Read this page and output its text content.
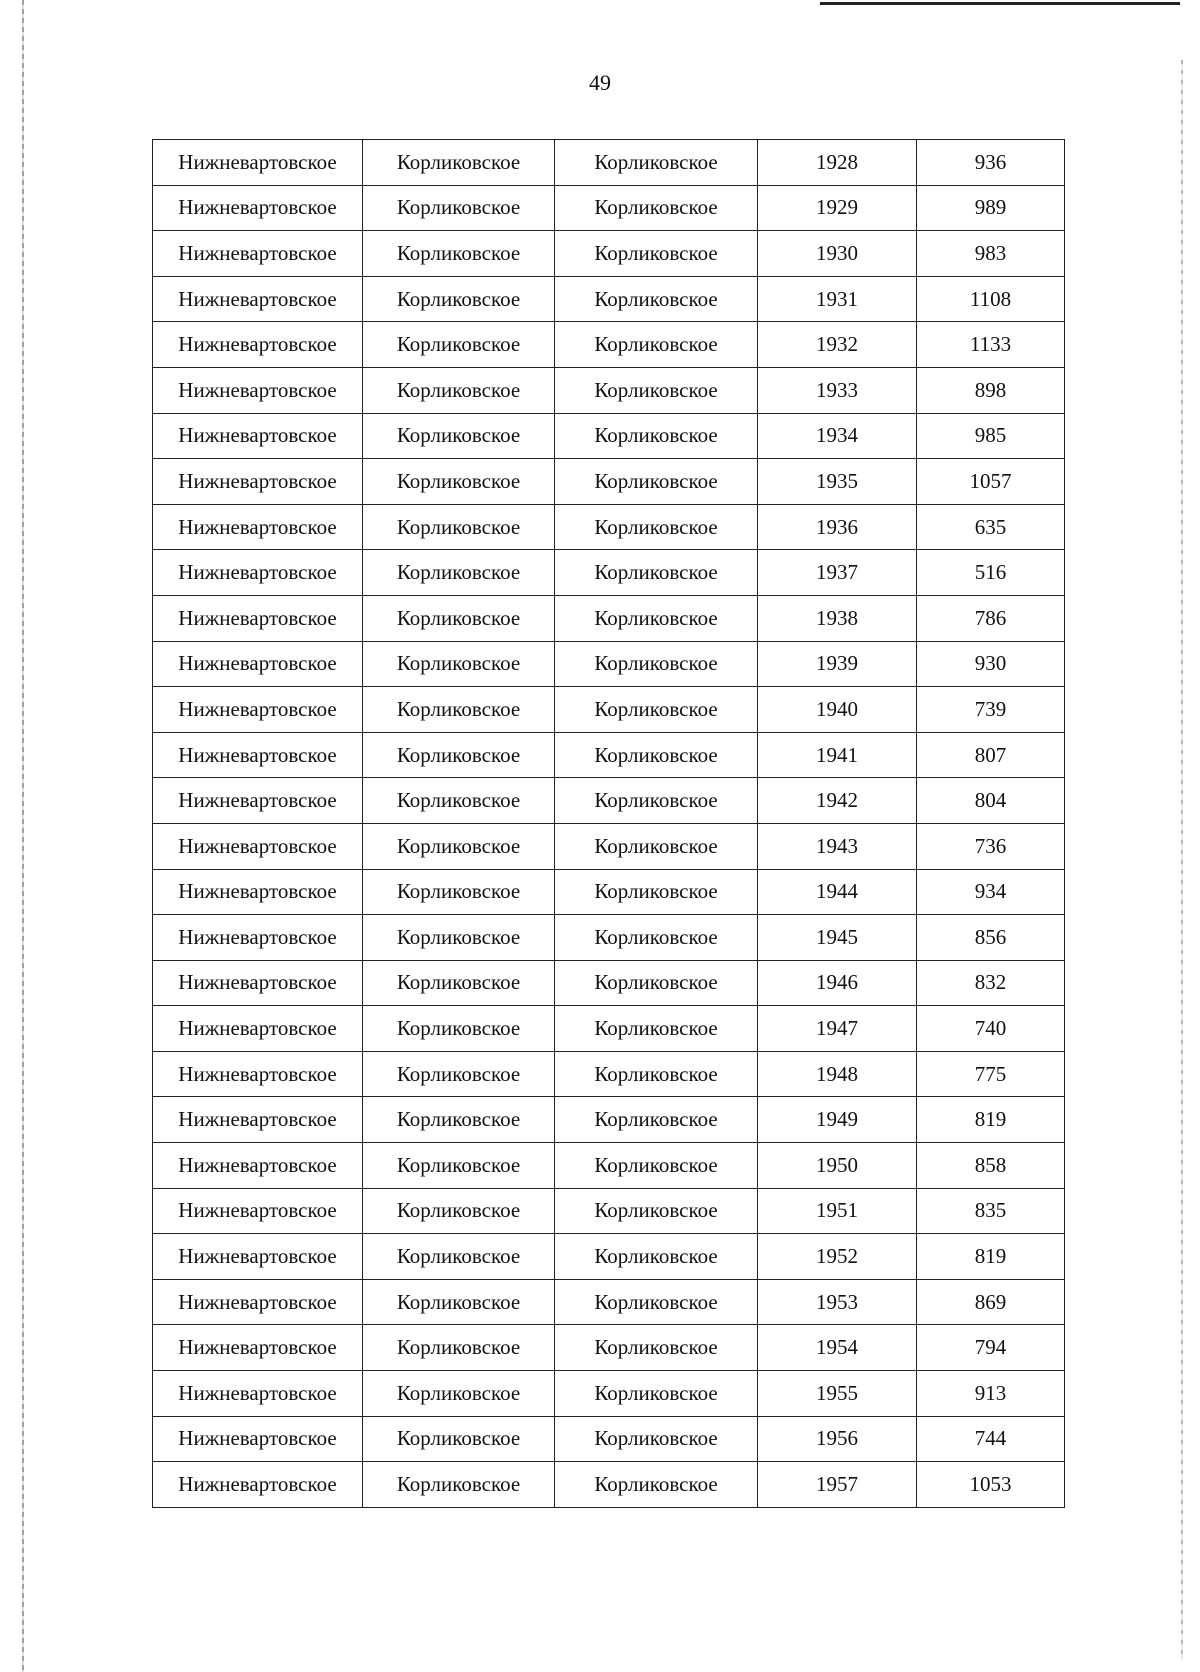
49
Нижневартовское	Корликовское	Корликовское	1928	936
Нижневартовское	Корликовское	Корликовское	1929	989
Нижневартовское	Корликовское	Корликовское	1930	983
Нижневартовское	Корликовское	Корликовское	1931	1108
Нижневартовское	Корликовское	Корликовское	1932	1133
Нижневартовское	Корликовское	Корликовское	1933	898
Нижневартовское	Корликовское	Корликовское	1934	985
Нижневартовское	Корликовское	Корликовское	1935	1057
Нижневартовское	Корликовское	Корликовское	1936	635
Нижневартовское	Корликовское	Корликовское	1937	516
Нижневартовское	Корликовское	Корликовское	1938	786
Нижневартовское	Корликовское	Корликовское	1939	930
Нижневартовское	Корликовское	Корликовское	1940	739
Нижневартовское	Корликовское	Корликовское	1941	807
Нижневартовское	Корликовское	Корликовское	1942	804
Нижневартовское	Корликовское	Корликовское	1943	736
Нижневартовское	Корликовское	Корликовское	1944	934
Нижневартовское	Корликовское	Корликовское	1945	856
Нижневартовское	Корликовское	Корликовское	1946	832
Нижневартовское	Корликовское	Корликовское	1947	740
Нижневартовское	Корликовское	Корликовское	1948	775
Нижневартовское	Корликовское	Корликовское	1949	819
Нижневартовское	Корликовское	Корликовское	1950	858
Нижневартовское	Корликовское	Корликовское	1951	835
Нижневартовское	Корликовское	Корликовское	1952	819
Нижневартовское	Корликовское	Корликовское	1953	869
Нижневартовское	Корликовское	Корликовское	1954	794
Нижневартовское	Корликовское	Корликовское	1955	913
Нижневартовское	Корликовское	Корликовское	1956	744
Нижневартовское	Корликовское	Корликовское	1957	1053
